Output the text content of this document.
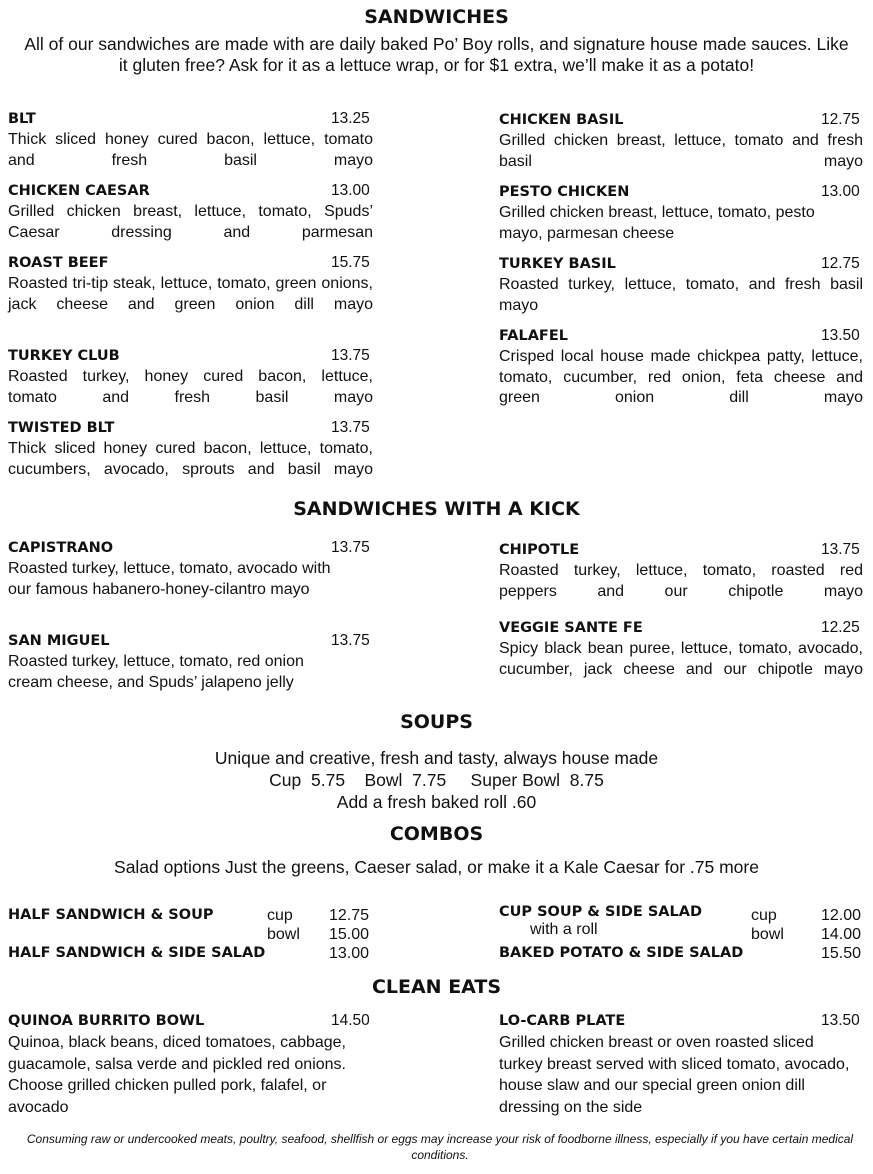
SANDWICHES
All of our sandwiches are made with are daily baked Po’ Boy rolls, and signature house made sauces. Like it gluten free? Ask for it as a lettuce wrap, or for $1 extra, we’ll make it as a potato!
BLT	13.25
Thick sliced honey cured bacon, lettuce, tomato and fresh basil mayo
CHICKEN CAESAR	13.00
Grilled chicken breast, lettuce, tomato, Spuds’ Caesar dressing and parmesan
ROAST BEEF	15.75
Roasted tri-tip steak, lettuce, tomato, green onions, jack cheese and green onion dill mayo
TURKEY CLUB	13.75
Roasted turkey, honey cured bacon, lettuce, tomato and fresh basil mayo
TWISTED BLT	13.75
Thick sliced honey cured bacon, lettuce, tomato, cucumbers, avocado, sprouts and basil mayo
CHICKEN BASIL	12.75
Grilled chicken breast, lettuce, tomato and fresh basil mayo
PESTO CHICKEN	13.00
Grilled chicken breast, lettuce, tomato, pesto mayo, parmesan cheese
TURKEY BASIL	12.75
Roasted turkey, lettuce, tomato, and fresh basil mayo
FALAFEL	13.50
Crisped local house made chickpea patty, lettuce, tomato, cucumber, red onion, feta cheese and green onion dill mayo
SANDWICHES WITH A KICK
CAPISTRANO	13.75
Roasted turkey, lettuce, tomato, avocado with our famous habanero-honey-cilantro mayo
SAN MIGUEL	13.75
Roasted turkey, lettuce, tomato, red onion cream cheese, and Spuds’ jalapeno jelly
CHIPOTLE	13.75
Roasted turkey, lettuce, tomato, roasted red peppers and our chipotle mayo
VEGGIE SANTE FE	12.25
Spicy black bean puree, lettuce, tomato, avocado, cucumber, jack cheese and our chipotle mayo
SOUPS
Unique and creative, fresh and tasty, always house made
Cup  5.75    Bowl  7.75     Super Bowl  8.75
Add a fresh baked roll .60
COMBOS
Salad options Just the greens, Caeser salad, or make it a Kale Caesar for .75 more
HALF SANDWICH & SOUP	cup 12.75
bowl 15.00
HALF SANDWICH & SIDE SALAD	13.00
CUP SOUP & SIDE SALAD
with a roll
cup	12.00
bowl 14.00
BAKED POTATO & SIDE SALAD	15.50
CLEAN EATS
QUINOA BURRITO BOWL	14.50
Quinoa, black beans, diced tomatoes, cabbage, guacamole, salsa verde and pickled red onions. Choose grilled chicken pulled pork, falafel, or avocado
LO-CARB PLATE	13.50
Grilled chicken breast or oven roasted sliced turkey breast served with sliced tomato, avocado, house slaw and our special green onion dill dressing on the side
Consuming raw or undercooked meats, poultry, seafood, shellfish or eggs may increase your risk of foodborne illness, especially if you have certain medical conditions.
